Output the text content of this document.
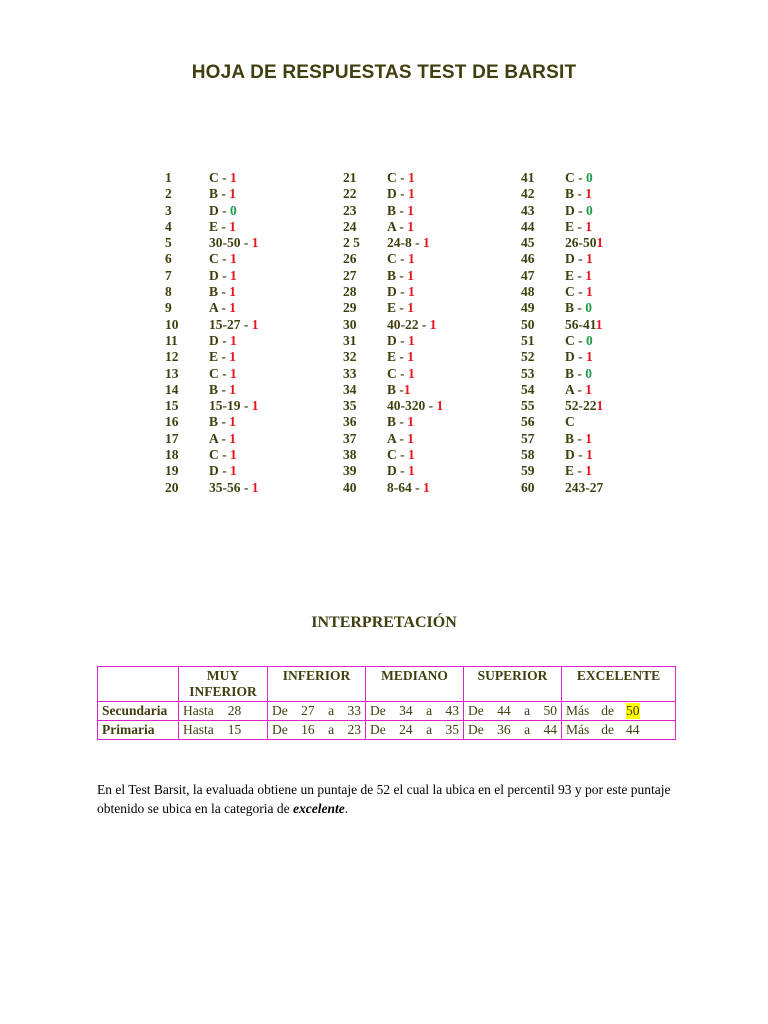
HOJA DE RESPUESTAS TEST DE BARSIT
1	C - 1
2	B - 1
3	D - 0
4	E - 1
5	30-50 - 1
6	C - 1
7	D - 1
8	B - 1
9	A - 1
10 15-27 - 1
11 D - 1
12 E - 1
13 C - 1
14 B - 1
15 15-19 - 1
16 B - 1
17 A - 1
18 C - 1
19 D - 1
20 35-56 - 1
21 C - 1
22 D - 1
23 B - 1
24 A - 1
2 5 24-8 - 1
26 C - 1
27 B - 1
28 D - 1
29 E - 1
30 40-22 - 1
31 D - 1
32 E - 1
33 C - 1
34 B -1
35 40-320 - 1
36 B - 1
37 A - 1
38 C - 1
39 D - 1
40 8-64 - 1
41 C - 0
42 B - 1
43 D - 0
44 E - 1
45 26-501
46 D - 1
47 E - 1
48 C - 1
49 B - 0
50 56-411
51 C - 0
52 D - 1
53 B - 0
54 A - 1
55 52-221
56 C
57 B - 1
58 D - 1
59 E - 1
60 243-27
INTERPRETACIÓN
	MUY INFERIOR	INFERIOR	MEDIANO	SUPERIOR	EXCELENTE
Secundaria	Hasta 28	De 27 a 33	De 34 a 43	De 44 a 50	Más de 50

Primaria	Hasta 15	De 16 a 23	De 24 a 35	De 36 a 44	Más de 44
En el Test Barsit, la evaluada obtiene un puntaje de 52 el cual la ubica en el percentil 93 y por este puntaje obtenido se ubica en la categoria de excelente.
